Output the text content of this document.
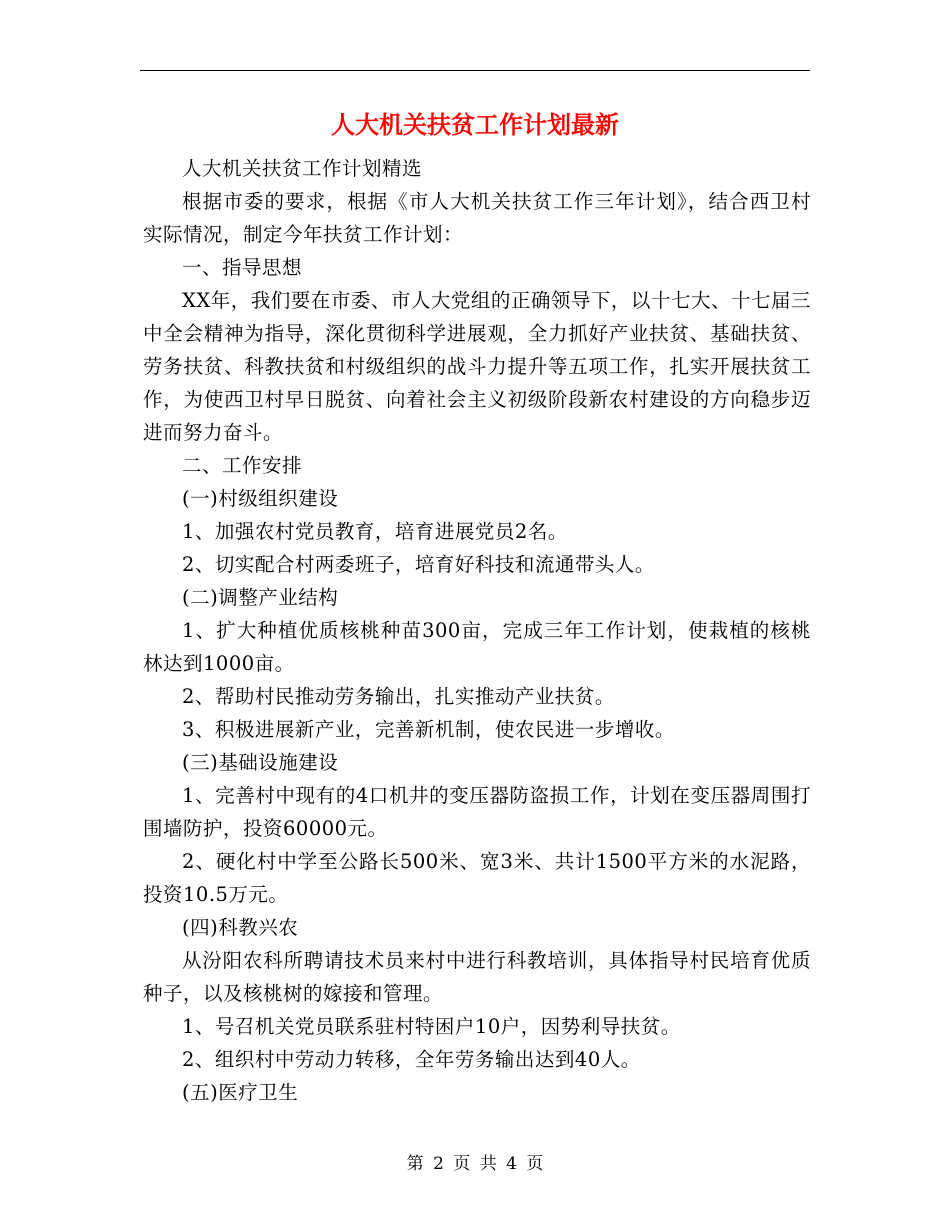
人大机关扶贫工作计划最新

人大机关扶贫工作计划精选

根据市委的要求，根据《市人大机关扶贫工作三年计划》，结合西卫村实际情况，制定今年扶贫工作计划：

一、指导思想

XX年，我们要在市委、市人大党组的正确领导下，以十七大、十七届三中全会精神为指导，深化贯彻科学进展观，全力抓好产业扶贫、基础扶贫、劳务扶贫、科教扶贫和村级组织的战斗力提升等五项工作，扎实开展扶贫工作，为使西卫村早日脱贫、向着社会主义初级阶段新农村建设的方向稳步迈进而努力奋斗。

二、工作安排

(一)村级组织建设

1、加强农村党员教育，培育进展党员2名。

2、切实配合村两委班子，培育好科技和流通带头人。

(二)调整产业结构

1、扩大种植优质核桃种苗300亩，完成三年工作计划，使栽植的核桃林达到1000亩。

2、帮助村民推动劳务输出，扎实推动产业扶贫。

3、积极进展新产业，完善新机制，使农民进一步增收。

(三)基础设施建设

1、完善村中现有的4口机井的变压器防盗损工作，计划在变压器周围打围墙防护，投资60000元。

2、硬化村中学至公路长500米、宽3米、共计1500平方米的水泥路，投资10.5万元。

(四)科教兴农

从汾阳农科所聘请技术员来村中进行科教培训，具体指导村民培育优质种子，以及核桃树的嫁接和管理。

1、号召机关党员联系驻村特困户10户，因势利导扶贫。

2、组织村中劳动力转移，全年劳务输出达到40人。

(五)医疗卫生

第 2 页 共 4 页
